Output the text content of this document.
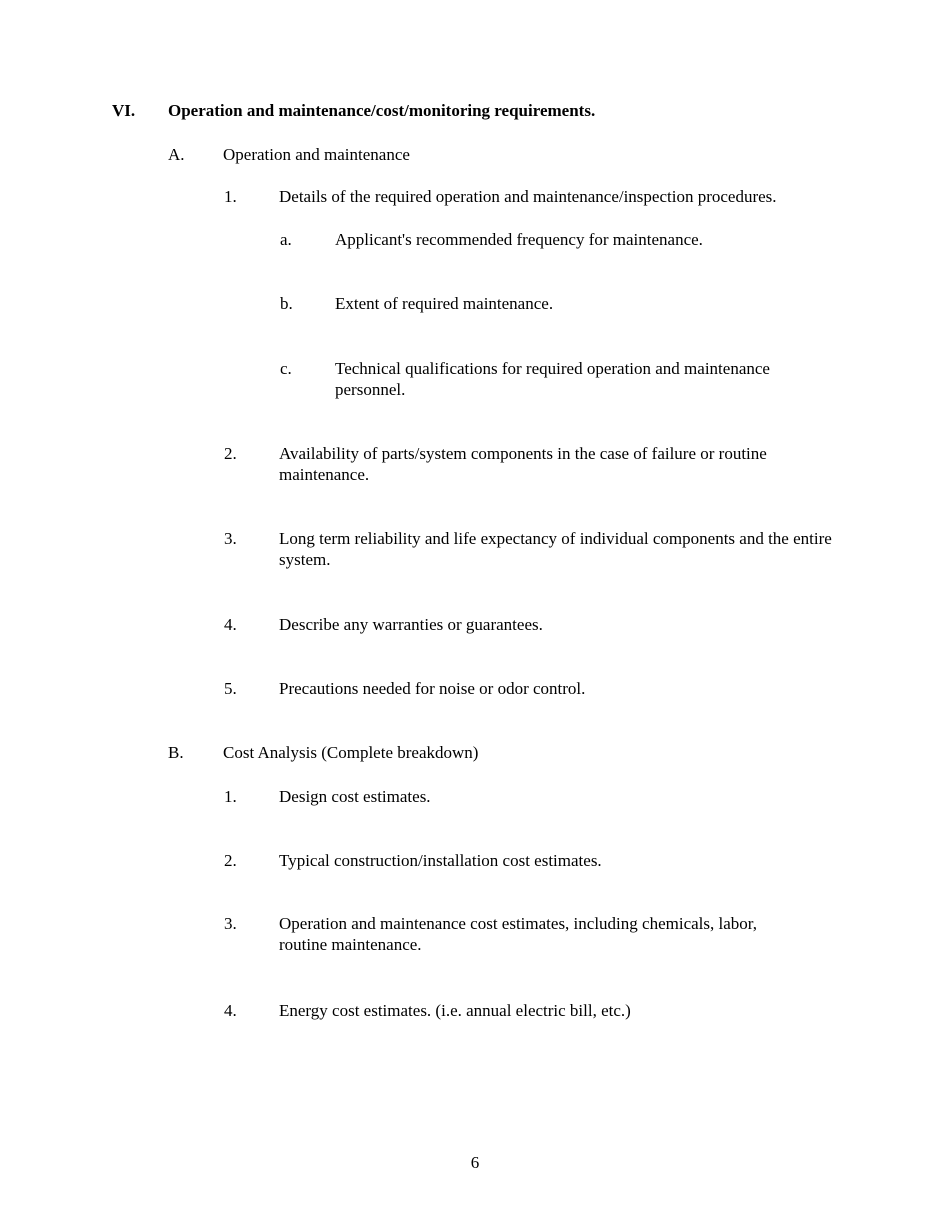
VI. Operation and maintenance/cost/monitoring requirements.
A. Operation and maintenance
1. Details of the required operation and maintenance/inspection procedures.
a.	Applicant's recommended frequency for maintenance.
b. Extent of required maintenance.
c.	Technical qualifications for required operation and maintenance personnel.
2. Availability of parts/system components in the case of failure or routine maintenance.
3. Long term reliability and life expectancy of individual components and the entire system.
4. Describe any warranties or guarantees.
5. Precautions needed for noise or odor control.
B. Cost Analysis (Complete breakdown)
1. Design cost estimates.
2. Typical construction/installation cost estimates.
3. Operation and maintenance cost estimates, including chemicals, labor, routine maintenance.
4. Energy cost estimates. (i.e. annual electric bill, etc.)
6
